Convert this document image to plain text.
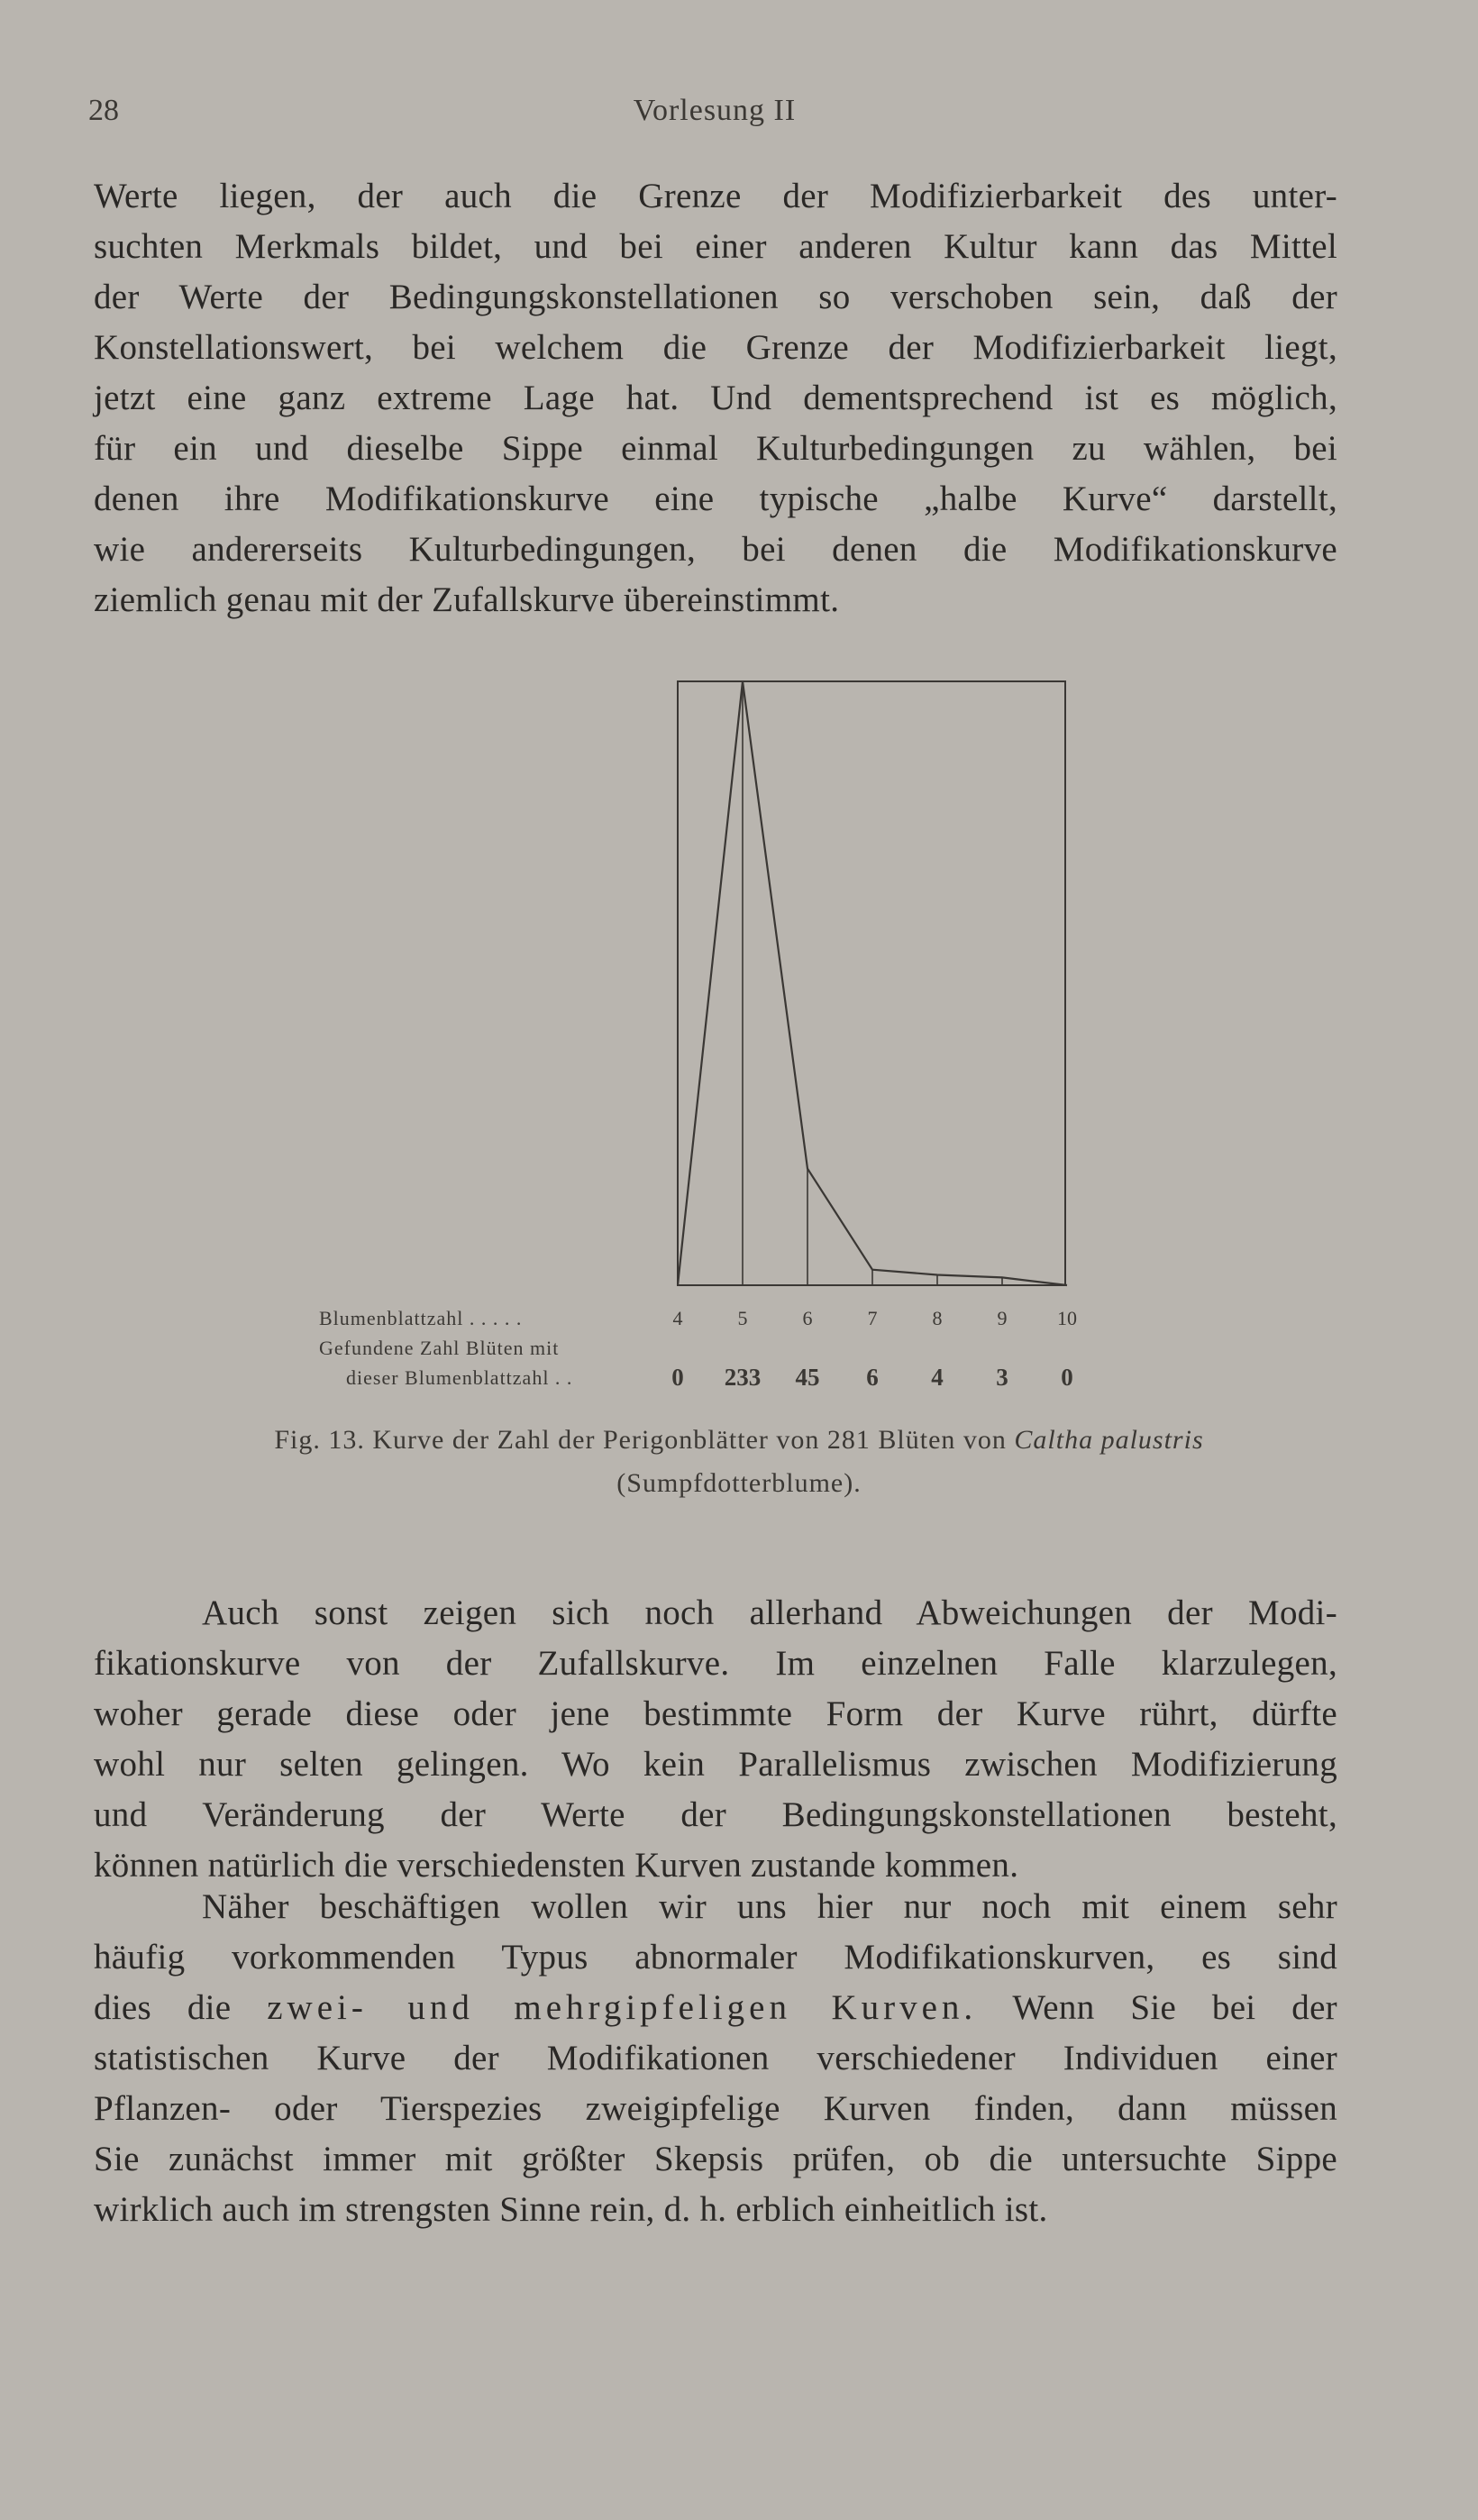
28	Vorlesung II
Werte liegen, der auch die Grenze der Modifizierbarkeit des unter-
suchten Merkmals bildet, und bei einer anderen Kultur kann das Mittel
der Werte der Bedingungskonstellationen so verschoben sein, daß der
Konstellationswert, bei welchem die Grenze der Modifizierbarkeit liegt,
jetzt eine ganz extreme Lage hat. Und dementsprechend ist es möglich,
für ein und dieselbe Sippe einmal Kulturbedingungen zu wählen, bei
denen ihre Modifikationskurve eine typische „halbe Kurve“ darstellt,
wie andererseits Kulturbedingungen, bei denen die Modifikationskurve
ziemlich genau mit der Zufallskurve übereinstimmt.
Blumenblattzahl . . . . .	4	5	6	7	8	9	10
Gefundene Zahl Blüten mit
dieser Blumenblattzahl . .	0	233	45	6	4	3	0
Fig. 13. Kurve der Zahl der Perigonblätter von 281 Blüten von Caltha palustris
(Sumpfdotterblume).
Auch sonst zeigen sich noch allerhand Abweichungen der Modi-
fikationskurve von der Zufallskurve. Im einzelnen Falle klarzulegen,
woher gerade diese oder jene bestimmte Form der Kurve rührt, dürfte
wohl nur selten gelingen. Wo kein Parallelismus zwischen Modifizierung
und Veränderung der Werte der Bedingungskonstellationen besteht,
können natürlich die verschiedensten Kurven zustande kommen.
Näher beschäftigen wollen wir uns hier nur noch mit einem sehr
häufig vorkommenden Typus abnormaler Modifikationskurven, es sind
dies die zwei- und mehrgipfeligen Kurven. Wenn Sie bei der
statistischen Kurve der Modifikationen verschiedener Individuen einer
Pflanzen- oder Tierspezies zweigipfelige Kurven finden, dann müssen
Sie zunächst immer mit größter Skepsis prüfen, ob die untersuchte Sippe
wirklich auch im strengsten Sinne rein, d. h. erblich einheitlich ist.
